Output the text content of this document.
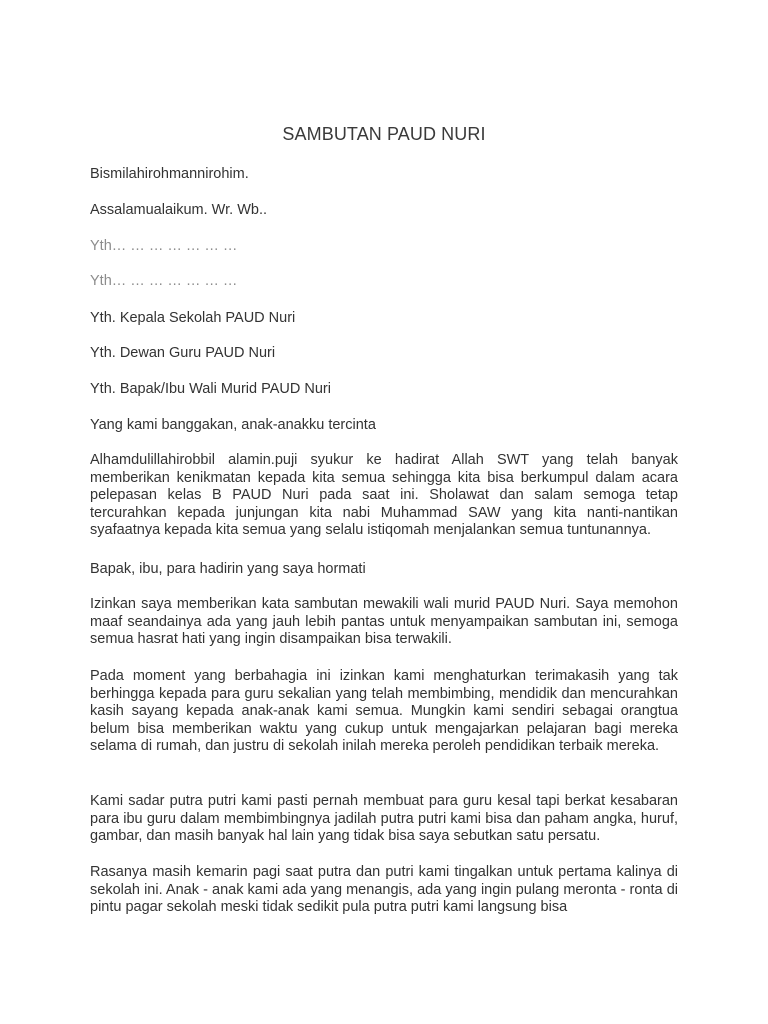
SAMBUTAN PAUD NURI
Bismilahirohmannirohim.
Assalamualaikum. Wr. Wb..
Yth… … … … … … …
Yth… … … … … … …
Yth. Kepala Sekolah PAUD Nuri
Yth. Dewan Guru PAUD Nuri
Yth. Bapak/Ibu Wali Murid PAUD Nuri
Yang kami banggakan, anak-anakku tercinta
Alhamdulillahirobbil alamin.puji syukur ke hadirat Allah SWT yang telah banyak memberikan kenikmatan kepada kita semua sehingga kita bisa berkumpul dalam acara pelepasan kelas B PAUD Nuri pada saat ini. Sholawat dan salam semoga tetap tercurahkan kepada junjungan kita nabi Muhammad SAW yang kita nanti-nantikan syafaatnya kepada kita semua yang selalu istiqomah menjalankan semua tuntunannya.
Bapak, ibu, para hadirin yang saya hormati
Izinkan saya memberikan kata sambutan mewakili wali murid PAUD Nuri. Saya memohon maaf seandainya ada yang jauh lebih pantas untuk menyampaikan sambutan ini, semoga semua hasrat hati yang ingin disampaikan bisa terwakili.
Pada moment yang berbahagia ini izinkan kami menghaturkan terimakasih yang tak berhingga kepada para guru sekalian yang telah membimbing, mendidik dan mencurahkan kasih sayang kepada anak-anak kami semua. Mungkin kami sendiri sebagai orangtua belum bisa memberikan waktu yang cukup untuk mengajarkan pelajaran bagi mereka selama di rumah, dan justru di sekolah inilah mereka peroleh pendidikan terbaik mereka.
Kami sadar putra putri kami pasti pernah membuat para guru kesal tapi berkat kesabaran para ibu guru dalam membimbingnya jadilah putra putri kami bisa dan paham angka, huruf, gambar, dan masih banyak hal lain yang tidak bisa saya sebutkan satu persatu.
Rasanya masih kemarin pagi saat putra dan putri kami tingalkan untuk pertama kalinya di sekolah ini. Anak - anak kami ada yang menangis, ada yang ingin pulang meronta - ronta di pintu pagar sekolah meski tidak sedikit pula putra putri kami langsung bisa
